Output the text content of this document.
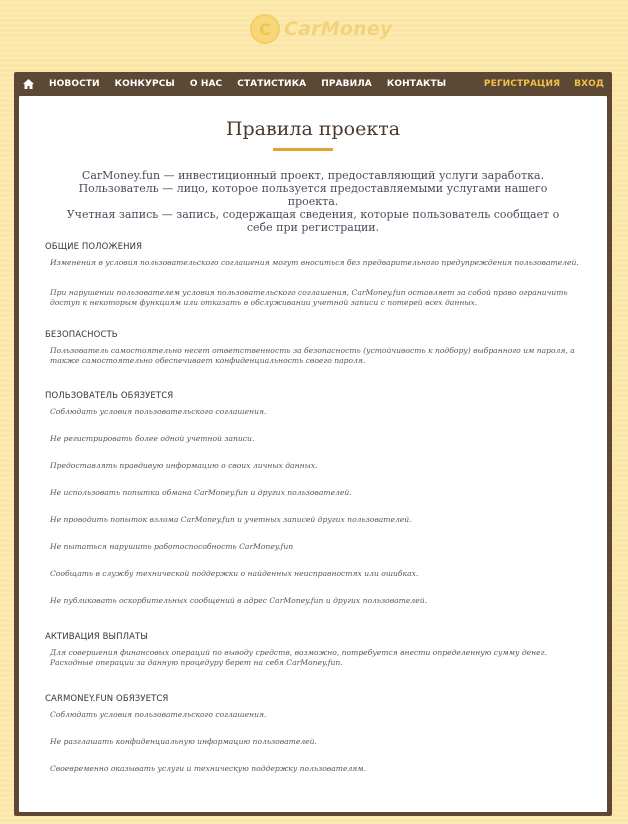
C CarMoney
НОВОСТИ КОНКУРСЫ О НАС СТАТИСТИКА ПРАВИЛА КОНТАКТЫ	РЕГИСТРАЦИЯ ВХОД
Правила проекта

CarMoney.fun — инвестиционный проект, предоставляющий услуги заработка.

Пользователь — лицо, которое пользуется предоставляемыми услугами нашего проекта.

Учетная запись — запись, содержащая сведения, которые пользователь сообщает о себе при регистрации.

ОБЩИЕ ПОЛОЖЕНИЯ
Изменения в условия пользовательского соглашения могут вноситься без предварительного предупреждения пользователей.
При нарушении пользователем условия пользовательского соглашения, CarMoney.fun оставляет за собой право ограничить доступ к некоторым функциям или отказать в обслуживании учетной записи с потерей всех данных.
БЕЗОПАСНОСТЬ
Пользователь самостоятельно несет ответственность за безопасность (устойчивость к подбору) выбранного им пароля, а также самостоятельно обеспечивает конфиденциальность своего пароля.
ПОЛЬЗОВАТЕЛЬ ОБЯЗУЕТСЯ
Соблюдать условия пользовательского соглашения.
Не регистрировать более одной учетной записи.
Предоставлять правдивую информацию о своих личных данных.
Не использовать попытки обмана CarMoney.fun и других пользователей.
Не проводить попыток взлома CarMoney.fun и учетных записей других пользователей.
Не пытаться нарушить работоспособность CarMoney.fun
Сообщать в службу технической поддержки о найденных неисправностях или ошибках.
Не публиковать оскорбительных сообщений в адрес CarMoney.fun и других пользователей.
АКТИВАЦИЯ ВЫПЛАТЫ
Для совершения финансовых операций по выводу средств, возможно, потребуется внести определенную сумму денег. Расходные операции за данную процедуру берет на себя CarMoney.fun.
CARMONEY.FUN ОБЯЗУЕТСЯ
Соблюдать условия пользовательского соглашения.
Не разглашать конфиденциальную информацию пользователей.
Своевременно оказывать услуги и техническую поддержку пользователям.
